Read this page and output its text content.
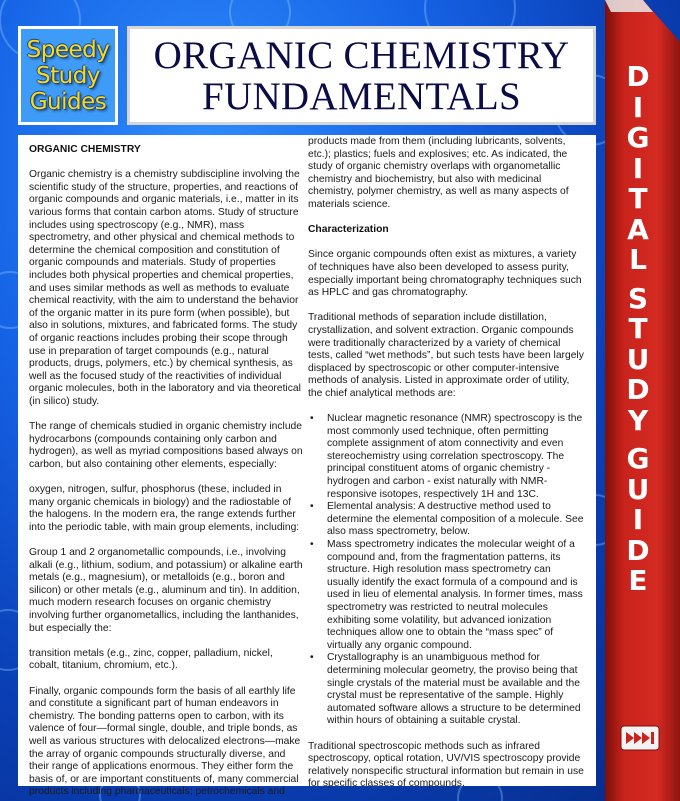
Speedy
Study
Guides
ORGANIC CHEMISTRY
FUNDAMENTALS
ORGANIC CHEMISTRY

Organic chemistry is a chemistry subdiscipline involving the scientific study of the structure, properties, and reactions of organic compounds and organic materials, i.e., matter in its various forms that contain carbon atoms. Study of structure includes using spectroscopy (e.g., NMR), mass spectrometry, and other physical and chemical methods to determine the chemical composition and constitution of organic compounds and materials. Study of properties includes both physical properties and chemical properties, and uses similar methods as well as methods to evaluate chemical reactivity, with the aim to understand the behavior of the organic matter in its pure form (when possible), but also in solutions, mixtures, and fabricated forms. The study of organic reactions includes probing their scope through use in preparation of target compounds (e.g., natural products, drugs, polymers, etc.) by chemical synthesis, as well as the focused study of the reactivities of individual organic molecules, both in the laboratory and via theoretical (in silico) study.

The range of chemicals studied in organic chemistry include hydrocarbons (compounds containing only carbon and hydrogen), as well as myriad compositions based always on carbon, but also containing other elements, especially:

oxygen, nitrogen, sulfur, phosphorus (these, included in many organic chemicals in biology) and the radiostable of the halogens. In the modern era, the range extends further into the periodic table, with main group elements, including:

Group 1 and 2 organometallic compounds, i.e., involving alkali (e.g., lithium, sodium, and potassium) or alkaline earth metals (e.g., magnesium), or metalloids (e.g., boron and silicon) or other metals (e.g., aluminum and tin). In addition, much modern research focuses on organic chemistry involving further organometallics, including the lanthanides, but especially the:

transition metals (e.g., zinc, copper, palladium, nickel, cobalt, titanium, chromium, etc.).

Finally, organic compounds form the basis of all earthly life and constitute a significant part of human endeavors in chemistry. The bonding patterns open to carbon, with its valence of four—formal single, double, and triple bonds, as well as various structures with delocalized electrons—make the array of organic compounds structurally diverse, and their range of applications enormous. They either form the basis of, or are important constituents of, many commercial products including pharmaceuticals; petrochemicals and

products made from them (including lubricants, solvents, etc.); plastics; fuels and explosives; etc. As indicated, the study of organic chemistry overlaps with organometallic chemistry and biochemistry, but also with medicinal chemistry, polymer chemistry, as well as many aspects of materials science.

Characterization

Since organic compounds often exist as mixtures, a variety of techniques have also been developed to assess purity, especially important being chromatography techniques such as HPLC and gas chromatography.

Traditional methods of separation include distillation, crystallization, and solvent extraction. Organic compounds were traditionally characterized by a variety of chemical tests, called “wet methods”, but such tests have been largely displaced by spectroscopic or other computer-intensive methods of analysis. Listed in approximate order of utility, the chief analytical methods are:

• Nuclear magnetic resonance (NMR) spectroscopy is the most commonly used technique, often permitting complete assignment of atom connectivity and even stereochemistry using correlation spectroscopy. The principal constituent atoms of organic chemistry - hydrogen and carbon - exist naturally with NMR-responsive isotopes, respectively 1H and 13C.
• Elemental analysis: A destructive method used to determine the elemental composition of a molecule. See also mass spectrometry, below.
• Mass spectrometry indicates the molecular weight of a compound and, from the fragmentation patterns, its structure. High resolution mass spectrometry can usually identify the exact formula of a compound and is used in lieu of elemental analysis. In former times, mass spectrometry was restricted to neutral molecules exhibiting some volatility, but advanced ionization techniques allow one to obtain the “mass spec” of virtually any organic compound.
• Crystallography is an unambiguous method for determining molecular geometry, the proviso being that single crystals of the material must be available and the crystal must be representative of the sample. Highly automated software allows a structure to be determined within hours of obtaining a suitable crystal.

Traditional spectroscopic methods such as infrared spectroscopy, optical rotation, UV/VIS spectroscopy provide relatively nonspecific structural information but remain in use for specific classes of compounds.

D
I
G
I
T
A
L
S
T
U
D
Y
G
U
I
D
E
